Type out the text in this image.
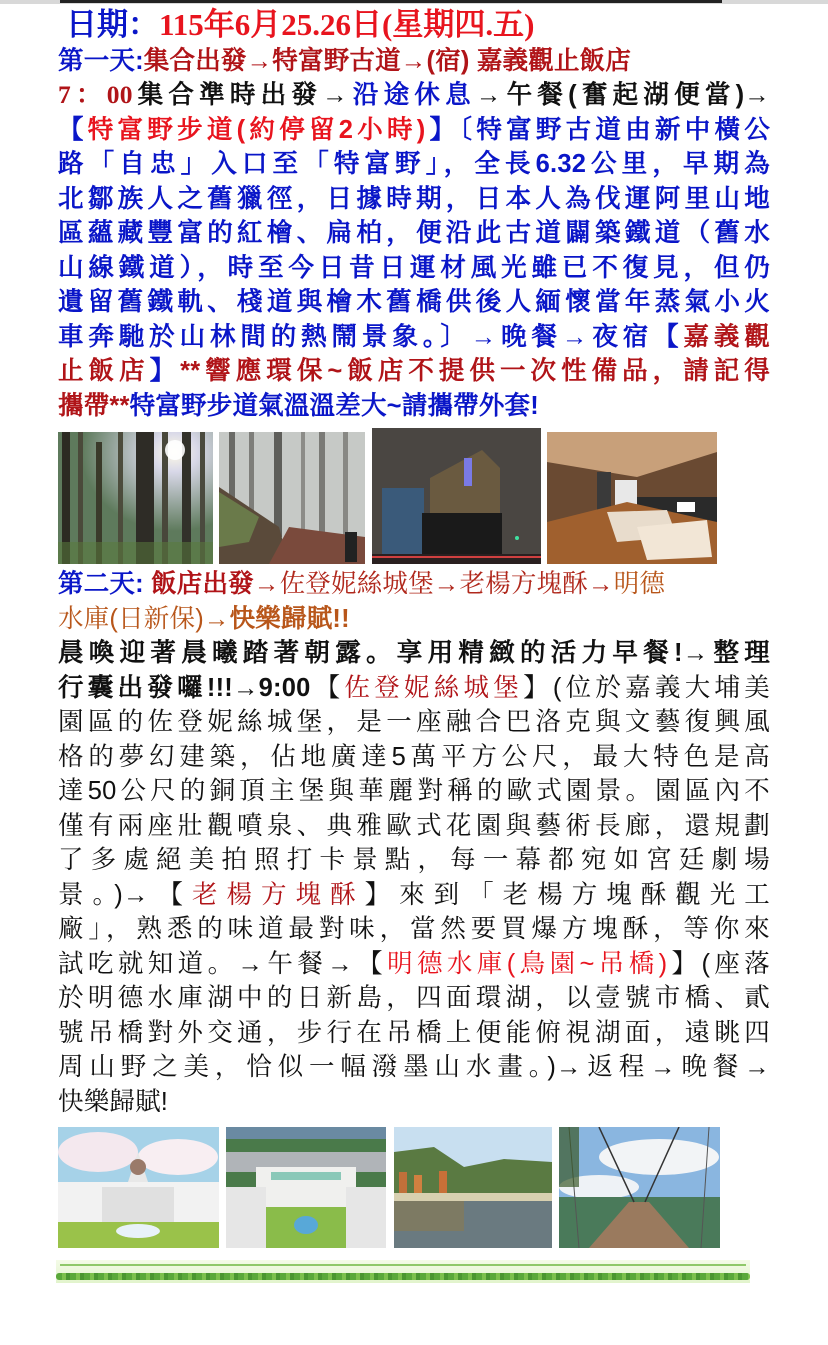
日期：115年6月25.26日(星期四.五)
第一天:集合出發→特富野古道→(宿) 嘉義觀止飯店
7：00集合準時出發→沿途休息→午餐(奮起湖便當)→
【特富野步道(約停留2小時)】〔特富野古道由新中橫公
路「自忠」入口至「特富野」，全長6.32公里，早期為
北鄒族人之舊獵徑，日據時期，日本人為伐運阿里山地
區蘊藏豐富的紅檜、扁柏，便沿此古道闢築鐵道（舊水
山線鐵道），時至今日昔日運材風光雖已不復見，但仍
遺留舊鐵軌、棧道與檜木舊橋供後人緬懷當年蒸氣小火
車奔馳於山林間的熱鬧景象。〕→晚餐→夜宿【嘉義觀
止飯店】**響應環保~飯店不提供一次性備品，請記得
攜帶**特富野步道氣溫溫差大~請攜帶外套!
第二天: 飯店出發→佐登妮絲城堡→老楊方塊酥→明德
水庫(日新保)→快樂歸賦!!
晨喚迎著晨曦踏著朝露。享用精緻的活力早餐!→整理
行囊出發囉!!!→9:00【佐登妮絲城堡】(位於嘉義大埔美
園區的佐登妮絲城堡，是一座融合巴洛克與文藝復興風
格的夢幻建築，佔地廣達5萬平方公尺，最大特色是高
達50公尺的銅頂主堡與華麗對稱的歐式園景。園區內不
僅有兩座壯觀噴泉、典雅歐式花園與藝術長廊，還規劃
了多處絕美拍照打卡景點，每一幕都宛如宮廷劇場
景。)→【老楊方塊酥】來到「老楊方塊酥觀光工
廠」，熟悉的味道最對味，當然要買爆方塊酥，等你來
試吃就知道。→午餐→【明德水庫(鳥園~吊橋)】(座落
於明德水庫湖中的日新島，四面環湖，以壹號市橋、貳
號吊橋對外交通，步行在吊橋上便能俯視湖面，遠眺四
周山野之美，恰似一幅潑墨山水畫。)→返程→晚餐→
快樂歸賦!
